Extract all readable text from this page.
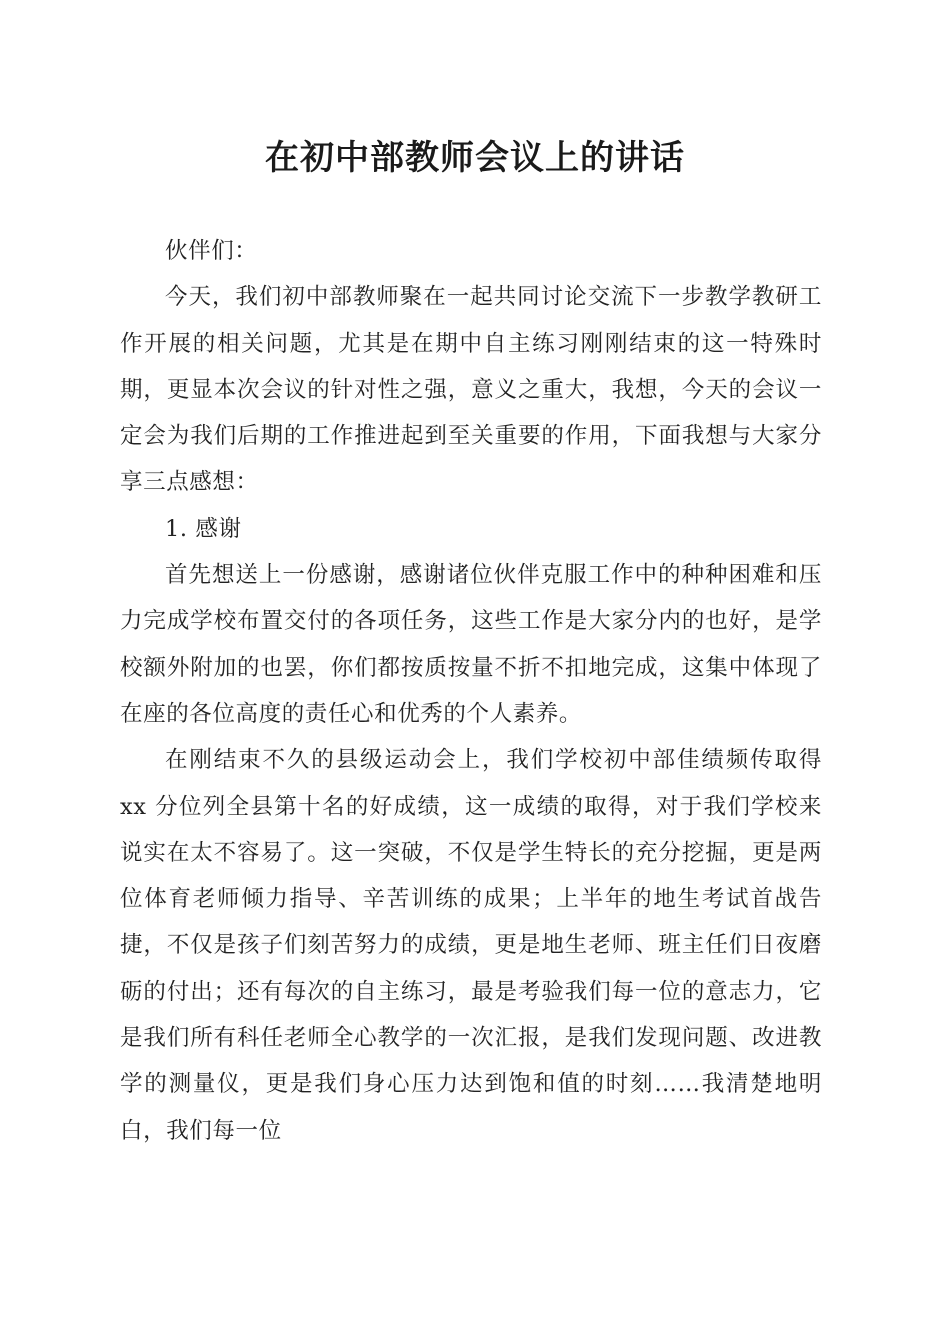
在初中部教师会议上的讲话

伙伴们：

今天，我们初中部教师聚在一起共同讨论交流下一步教学教研工作开展的相关问题，尤其是在期中自主练习刚刚结束的这一特殊时期，更显本次会议的针对性之强，意义之重大，我想，今天的会议一定会为我们后期的工作推进起到至关重要的作用，下面我想与大家分享三点感想：

1. 感谢

首先想送上一份感谢，感谢诸位伙伴克服工作中的种种困难和压力完成学校布置交付的各项任务，这些工作是大家分内的也好，是学校额外附加的也罢，你们都按质按量不折不扣地完成，这集中体现了在座的各位高度的责任心和优秀的个人素养。

在刚结束不久的县级运动会上，我们学校初中部佳绩频传取得 xx 分位列全县第十名的好成绩，这一成绩的取得，对于我们学校来说实在太不容易了。这一突破，不仅是学生特长的充分挖掘，更是两位体育老师倾力指导、辛苦训练的成果；上半年的地生考试首战告捷，不仅是孩子们刻苦努力的成绩，更是地生老师、班主任们日夜磨砺的付出；还有每次的自主练习，最是考验我们每一位的意志力，它是我们所有科任老师全心教学的一次汇报，是我们发现问题、改进教学的测量仪，更是我们身心压力达到饱和值的时刻……我清楚地明白，我们每一位
